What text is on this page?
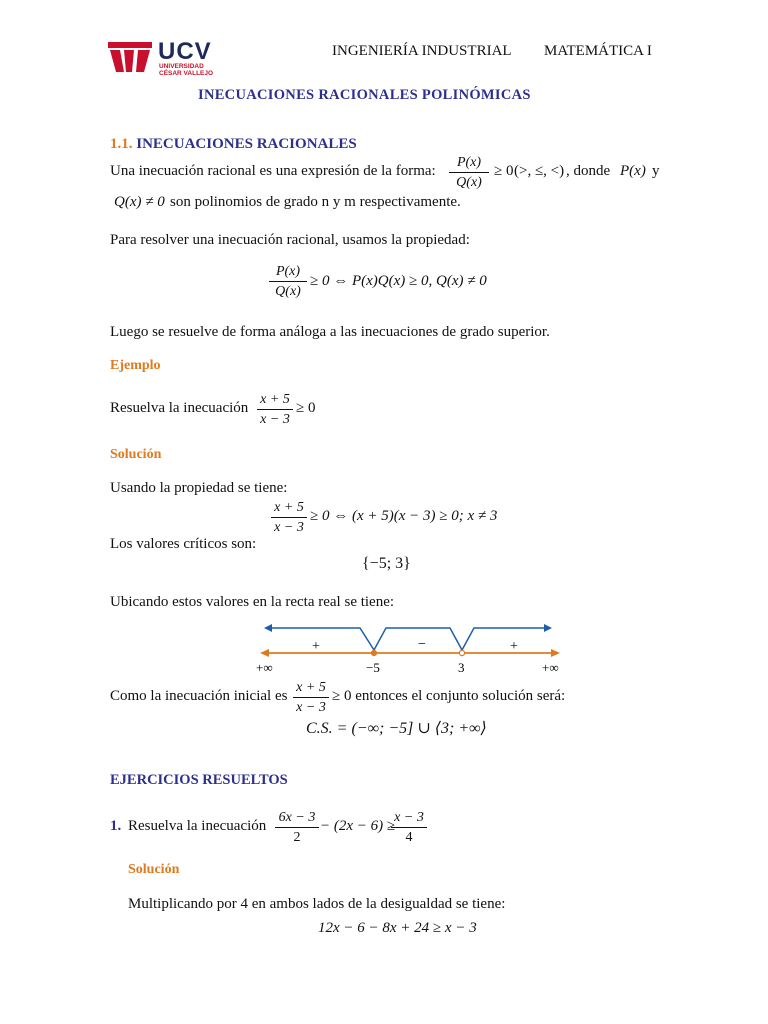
UCV
UNIVERSIDAD
CÉSAR VALLEJO
INGENIERÍA INDUSTRIAL MATEMÁTICA I
INECUACIONES RACIONALES POLINÓMICAS
1.1. INECUACIONES RACIONALES
Una inecuación racional es una expresión de la forma:
P(x)
Q(x)
≥ 0 (>, ≤, <) , donde P(x) y
Q(x) ≠ 0 son polinomios de grado n y m respectivamente.
Para resolver una inecuación racional, usamos la propiedad:
P(x)
Q(x)
≥ 0 ⇔ P(x)Q(x) ≥ 0, Q(x) ≠ 0
Luego se resuelve de forma análoga a las inecuaciones de grado superior.
Ejemplo
Resuelva la inecuación
x + 5
x − 3
≥ 0
Solución
Usando la propiedad se tiene:
x + 5
x − 3
≥ 0 ⇔ (x + 5)(x − 3) ≥ 0; x ≠ 3
Los valores críticos son:
{−5; 3}
Ubicando estos valores en la recta real se tiene:
+	−	+
+∞	−5	3	+∞
Como la inecuación inicial es
x + 5
x − 3
≥ 0 entonces el conjunto solución será:
C.S. = (−∞; −5] ∪ ⟨3; +∞⟩
EJERCICIOS RESUELTOS
1. Resuelva la inecuación
6x − 3
2
− (2x − 6) ≥
x − 3
4
Solución
Multiplicando por 4 en ambos lados de la desigualdad se tiene:
12x − 6 − 8x + 24 ≥ x − 3
